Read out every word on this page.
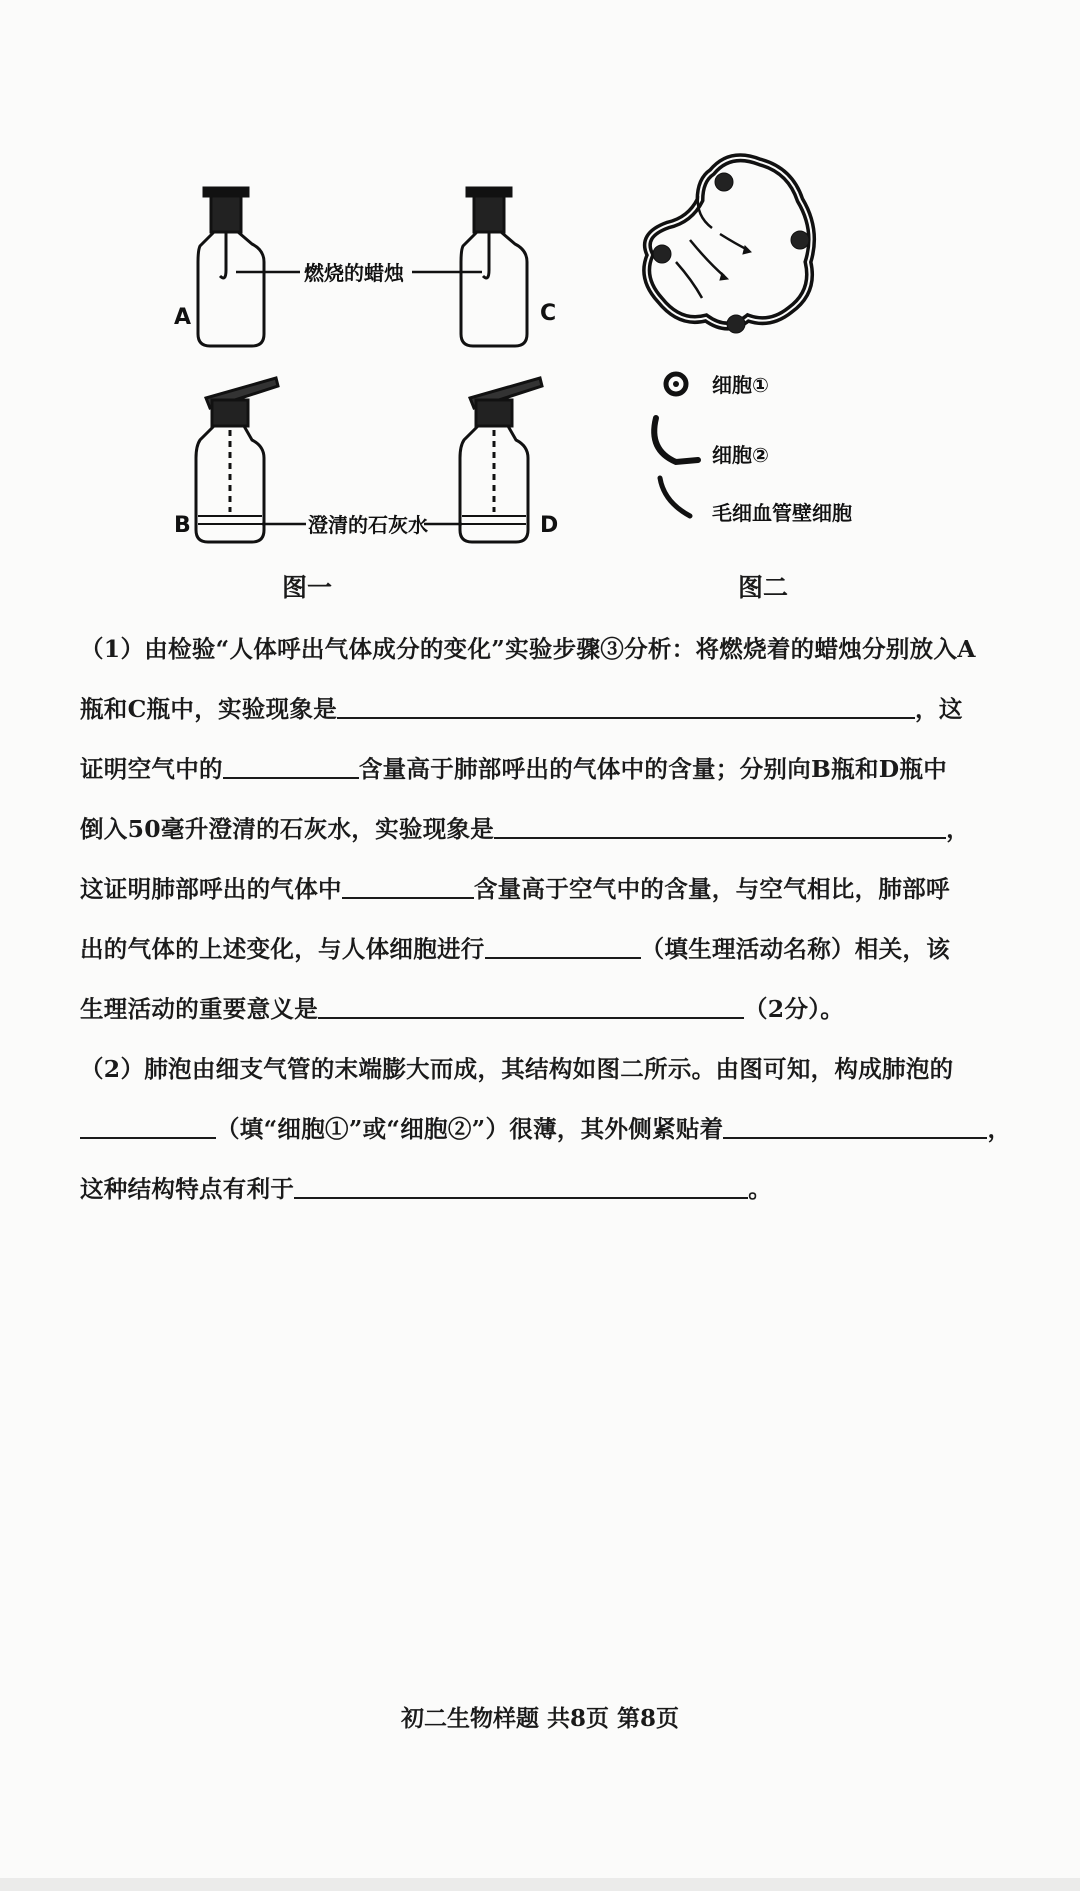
A	C
燃烧的蜡烛
B	D
澄清的石灰水
细胞①
细胞②
毛细血管壁细胞
图一	图二
（1）由检验“人体呼出气体成分的变化”实验步骤③分析：将燃烧着的蜡烛分别放入A
瓶和C瓶中，实验现象是	，这
证明空气中的	含量高于肺部呼出的气体中的含量；分别向B瓶和D瓶中
倒入50毫升澄清的石灰水，实验现象是	，
这证明肺部呼出的气体中	含量高于空气中的含量，与空气相比，肺部呼
出的气体的上述变化，与人体细胞进行	（填生理活动名称）相关，该
生理活动的重要意义是	（2分）。
（2）肺泡由细支气管的末端膨大而成，其结构如图二所示。由图可知，构成肺泡的
（填“细胞①”或“细胞②”）很薄，其外侧紧贴着	，
这种结构特点有利于	。
初二生物样题 共8页 第8页
